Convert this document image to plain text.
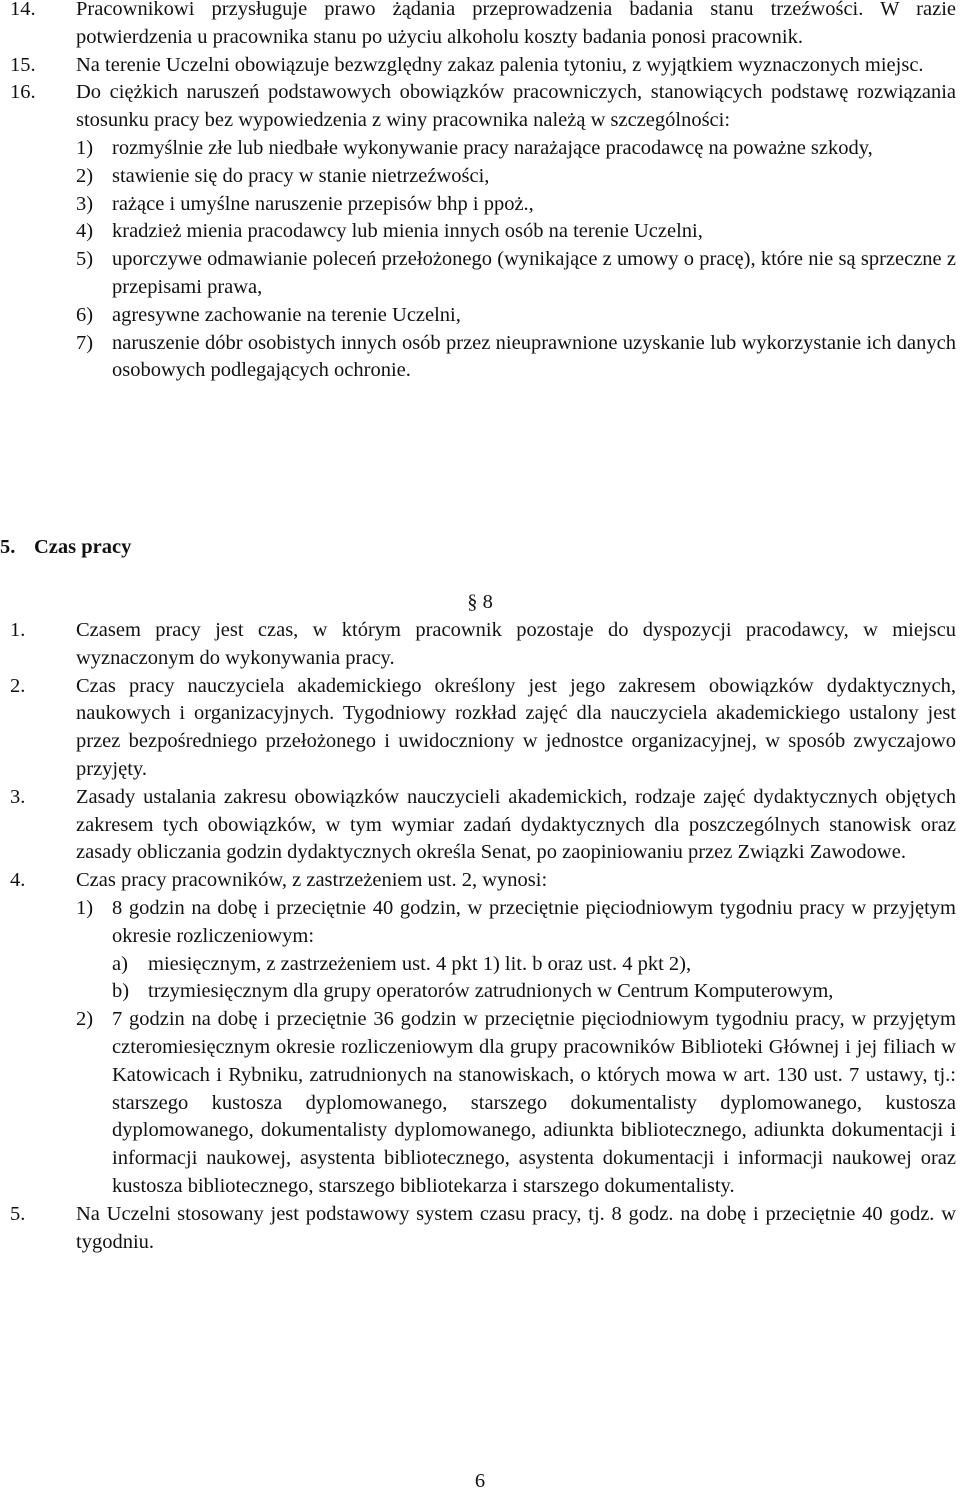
14. Pracownikowi przysługuje prawo żądania przeprowadzenia badania stanu trzeźwości. W razie potwierdzenia u pracownika stanu po użyciu alkoholu koszty badania ponosi pracownik.
15. Na terenie Uczelni obowiązuje bezwzględny zakaz palenia tytoniu, z wyjątkiem wyznaczonych miejsc.
16. Do ciężkich naruszeń podstawowych obowiązków pracowniczych, stanowiących podstawę rozwiązania stosunku pracy bez wypowiedzenia z winy pracownika należą w szczególności:
1) rozmyślnie złe lub niedbałe wykonywanie pracy narażające pracodawcę na poważne szkody,
2) stawienie się do pracy w stanie nietrzeźwości,
3) rażące i umyślne naruszenie przepisów bhp i ppoż.,
4) kradzież mienia pracodawcy lub mienia innych osób na terenie Uczelni,
5) uporczywe odmawianie poleceń przełożonego (wynikające z umowy o pracę), które nie są sprzeczne z przepisami prawa,
6) agresywne zachowanie na terenie Uczelni,
7) naruszenie dóbr osobistych innych osób przez nieuprawnione uzyskanie lub wykorzystanie ich danych osobowych podlegających ochronie.
5. Czas pracy
§ 8
1. Czasem pracy jest czas, w którym pracownik pozostaje do dyspozycji pracodawcy, w miejscu wyznaczonym do wykonywania pracy.
2. Czas pracy nauczyciela akademickiego określony jest jego zakresem obowiązków dydaktycznych, naukowych i organizacyjnych. Tygodniowy rozkład zajęć dla nauczyciela akademickiego ustalony jest przez bezpośredniego przełożonego i uwidoczniony w jednostce organizacyjnej, w sposób zwyczajowo przyjęty.
3. Zasady ustalania zakresu obowiązków nauczycieli akademickich, rodzaje zajęć dydaktycznych objętych zakresem tych obowiązków, w tym wymiar zadań dydaktycznych dla poszczególnych stanowisk oraz zasady obliczania godzin dydaktycznych określa Senat, po zaopiniowaniu przez Związki Zawodowe.
4. Czas pracy pracowników, z zastrzeżeniem ust. 2, wynosi:
1) 8 godzin na dobę i przeciętnie 40 godzin, w przeciętnie pięciodniowym tygodniu pracy w przyjętym okresie rozliczeniowym:
a) miesięcznym, z zastrzeżeniem ust. 4 pkt 1) lit. b oraz ust. 4 pkt 2),
b) trzymiesięcznym dla grupy operatorów zatrudnionych w Centrum Komputerowym,
2) 7 godzin na dobę i przeciętnie 36 godzin w przeciętnie pięciodniowym tygodniu pracy, w przyjętym czteromiesięcznym okresie rozliczeniowym dla grupy pracowników Biblioteki Głównej i jej filiach w Katowicach i Rybniku, zatrudnionych na stanowiskach, o których mowa w art. 130 ust. 7 ustawy, tj.: starszego kustosza dyplomowanego, starszego dokumentalisty dyplomowanego, kustosza dyplomowanego, dokumentalisty dyplomowanego, adiunkta bibliotecznego, adiunkta dokumentacji i informacji naukowej, asystenta bibliotecznego, asystenta dokumentacji i informacji naukowej oraz kustosza bibliotecznego, starszego bibliotekarza i starszego dokumentalisty.
5. Na Uczelni stosowany jest podstawowy system czasu pracy, tj. 8 godz. na dobę i przeciętnie 40 godz. w tygodniu.
6
